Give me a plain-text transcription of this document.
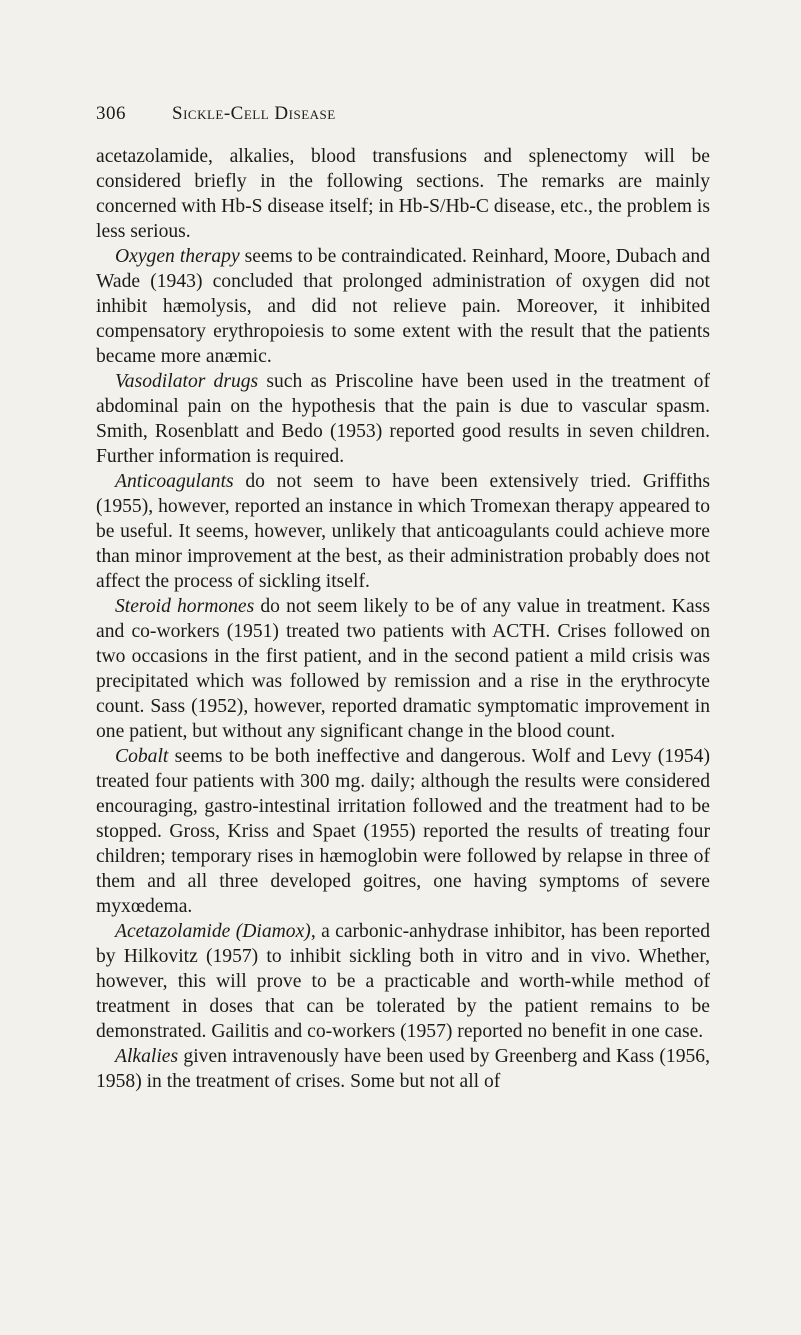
306 Sickle-Cell Disease

acetazolamide, alkalies, blood transfusions and splenectomy will be considered briefly in the following sections. The remarks are mainly concerned with Hb-S disease itself; in Hb-S/Hb-C disease, etc., the problem is less serious.

Oxygen therapy seems to be contraindicated. Reinhard, Moore, Dubach and Wade (1943) concluded that prolonged administration of oxygen did not inhibit hæmolysis, and did not relieve pain. Moreover, it inhibited compensatory erythropoiesis to some extent with the result that the patients became more anæmic.

Vasodilator drugs such as Priscoline have been used in the treatment of abdominal pain on the hypothesis that the pain is due to vascular spasm. Smith, Rosenblatt and Bedo (1953) reported good results in seven children. Further information is required.

Anticoagulants do not seem to have been extensively tried. Griffiths (1955), however, reported an instance in which Tromexan therapy appeared to be useful. It seems, however, unlikely that anticoagulants could achieve more than minor improvement at the best, as their administration probably does not affect the process of sickling itself.

Steroid hormones do not seem likely to be of any value in treatment. Kass and co-workers (1951) treated two patients with ACTH. Crises followed on two occasions in the first patient, and in the second patient a mild crisis was precipitated which was followed by remission and a rise in the erythrocyte count. Sass (1952), however, reported dramatic symptomatic improvement in one patient, but without any significant change in the blood count.

Cobalt seems to be both ineffective and dangerous. Wolf and Levy (1954) treated four patients with 300 mg. daily; although the results were considered encouraging, gastro-intestinal irritation followed and the treatment had to be stopped. Gross, Kriss and Spaet (1955) reported the results of treating four children; temporary rises in hæmoglobin were followed by relapse in three of them and all three developed goitres, one having symptoms of severe myxœdema.

Acetazolamide (Diamox), a carbonic-anhydrase inhibitor, has been reported by Hilkovitz (1957) to inhibit sickling both in vitro and in vivo. Whether, however, this will prove to be a practicable and worth-while method of treatment in doses that can be tolerated by the patient remains to be demonstrated. Gailitis and co-workers (1957) reported no benefit in one case.

Alkalies given intravenously have been used by Greenberg and Kass (1956, 1958) in the treatment of crises. Some but not all of
